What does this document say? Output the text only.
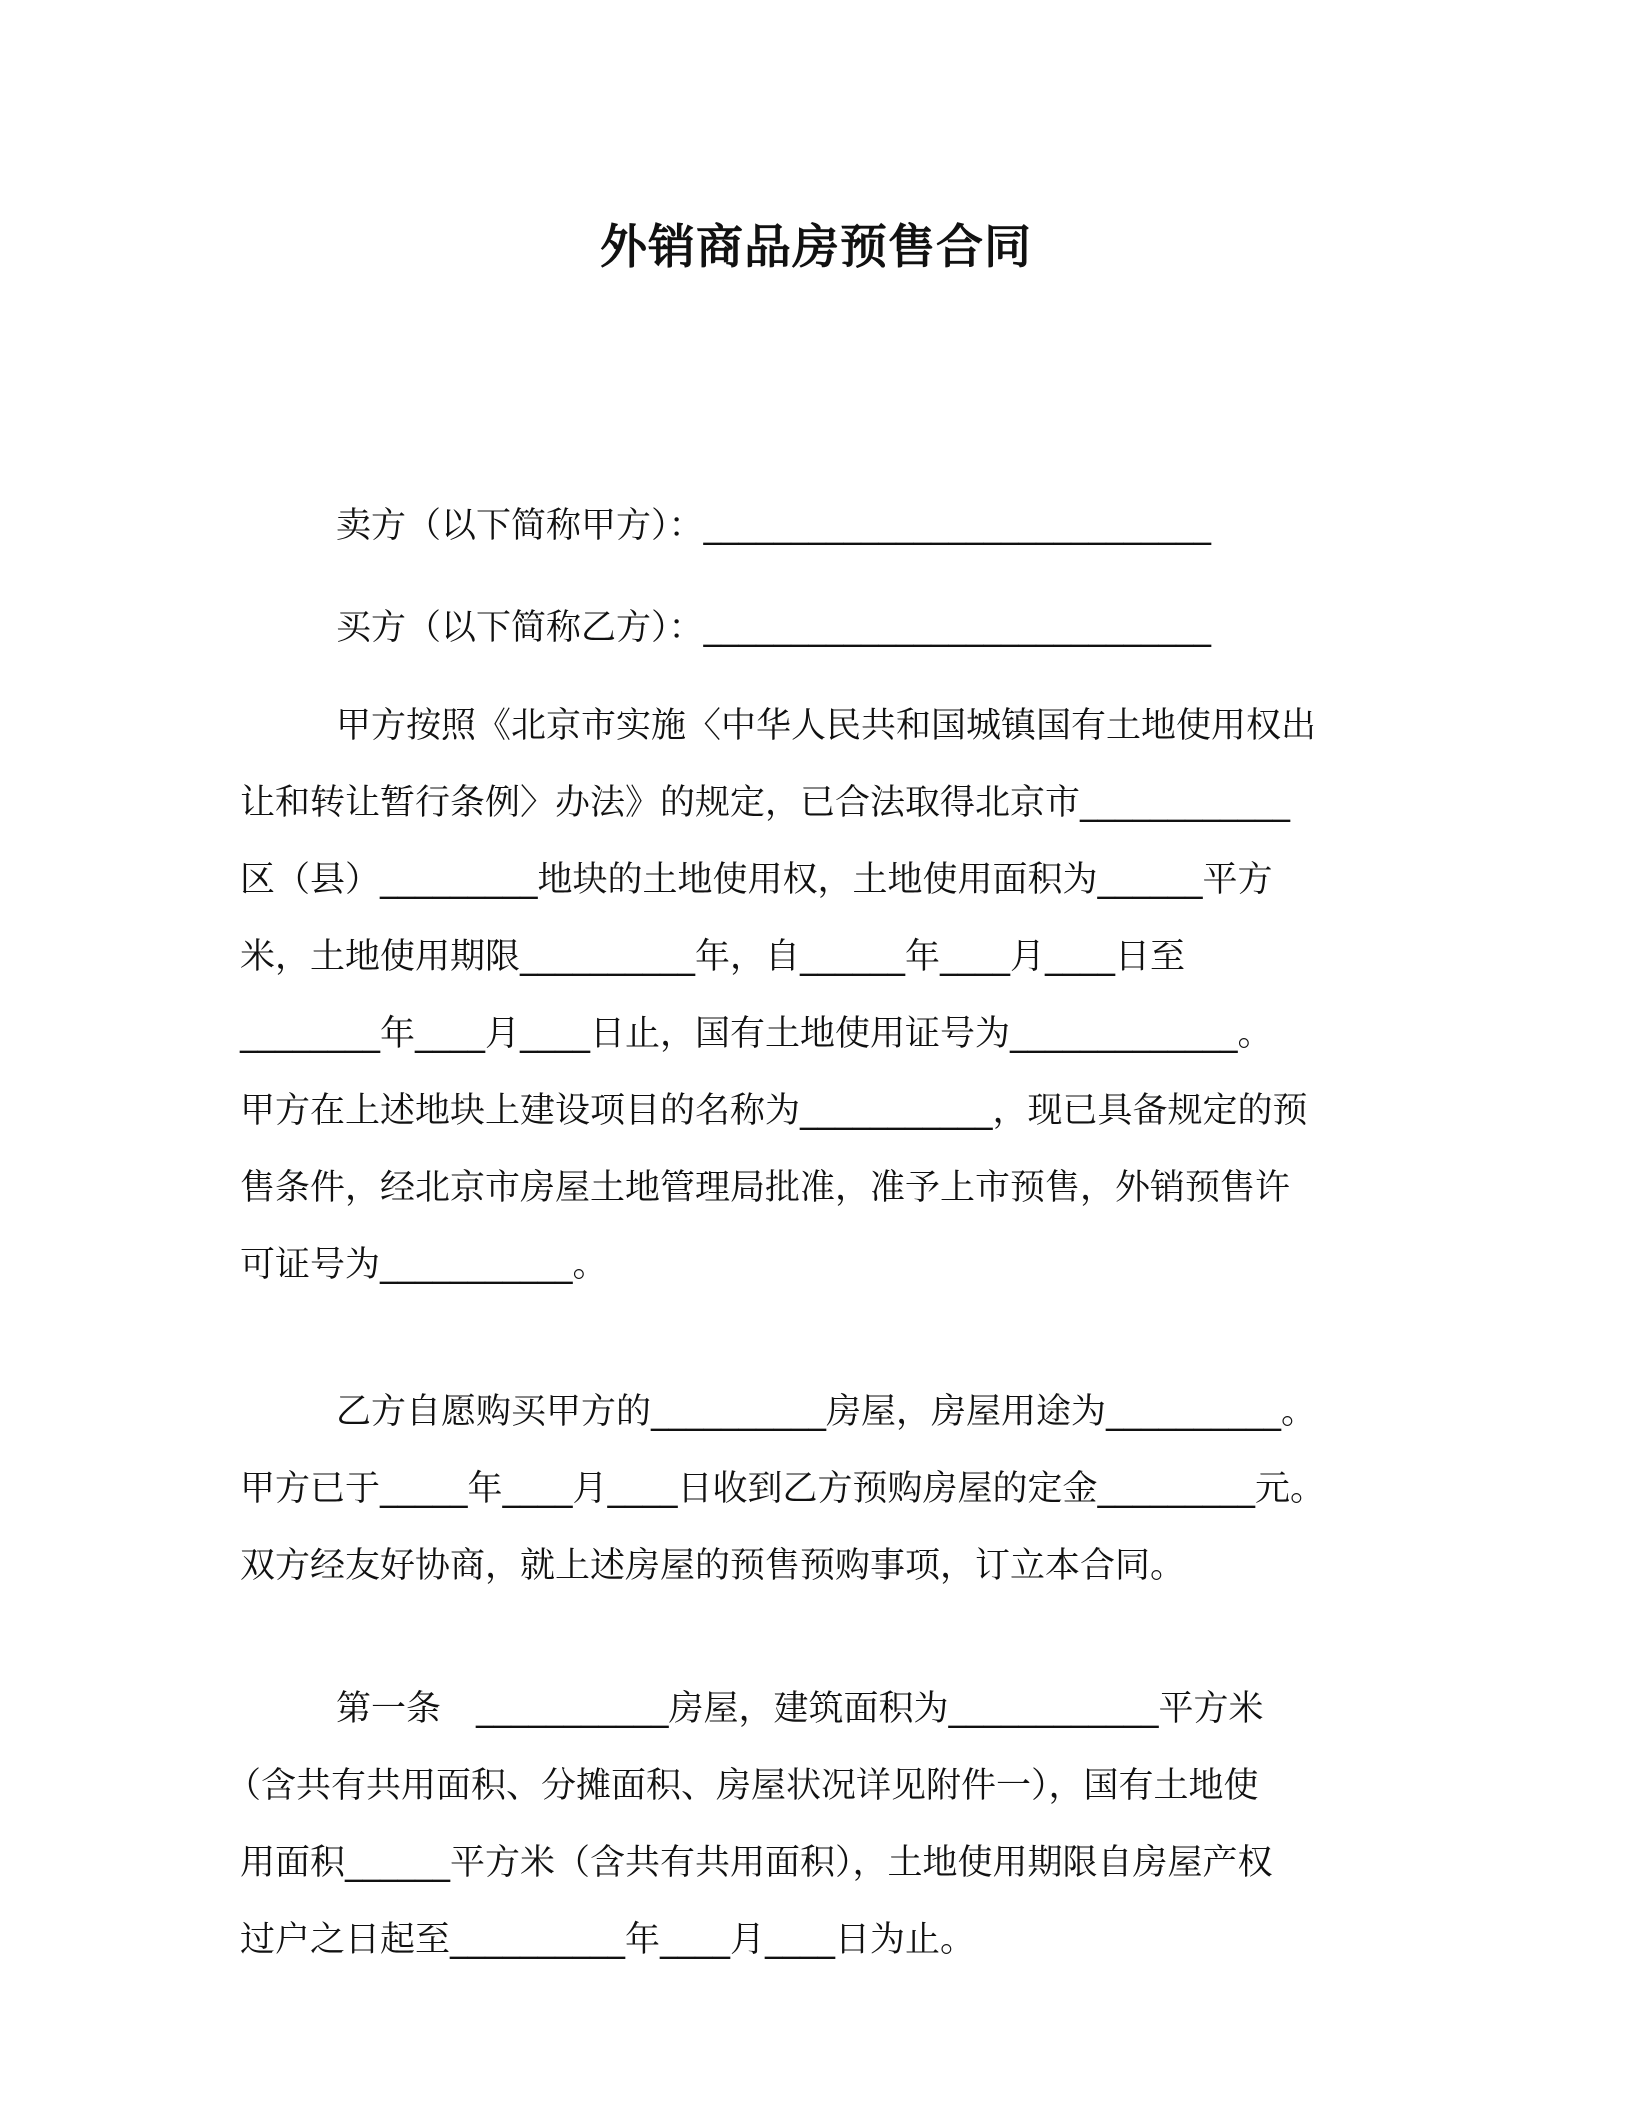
外销商品房预售合同
卖方（以下简称甲方）：_____________________________
买方（以下简称乙方）：_____________________________
甲方按照《北京市实施〈中华人民共和国城镇国有土地使用权出
让和转让暂行条例〉办法》的规定，已合法取得北京市____________
区（县）_________地块的土地使用权，土地使用面积为______平方
米，土地使用期限__________年，自______年____月____日至
________年____月____日止，国有土地使用证号为_____________。
甲方在上述地块上建设项目的名称为___________，现已具备规定的预
售条件，经北京市房屋土地管理局批准，准予上市预售，外销预售许
可证号为___________。
乙方自愿购买甲方的__________房屋，房屋用途为__________。
甲方已于_____年____月____日收到乙方预购房屋的定金_________元。
双方经友好协商，就上述房屋的预售预购事项，订立本合同。
第一条　___________房屋，建筑面积为____________平方米
（含共有共用面积、分摊面积、房屋状况详见附件一），国有土地使
用面积______平方米（含共有共用面积），土地使用期限自房屋产权
过户之日起至__________年____月____日为止。
